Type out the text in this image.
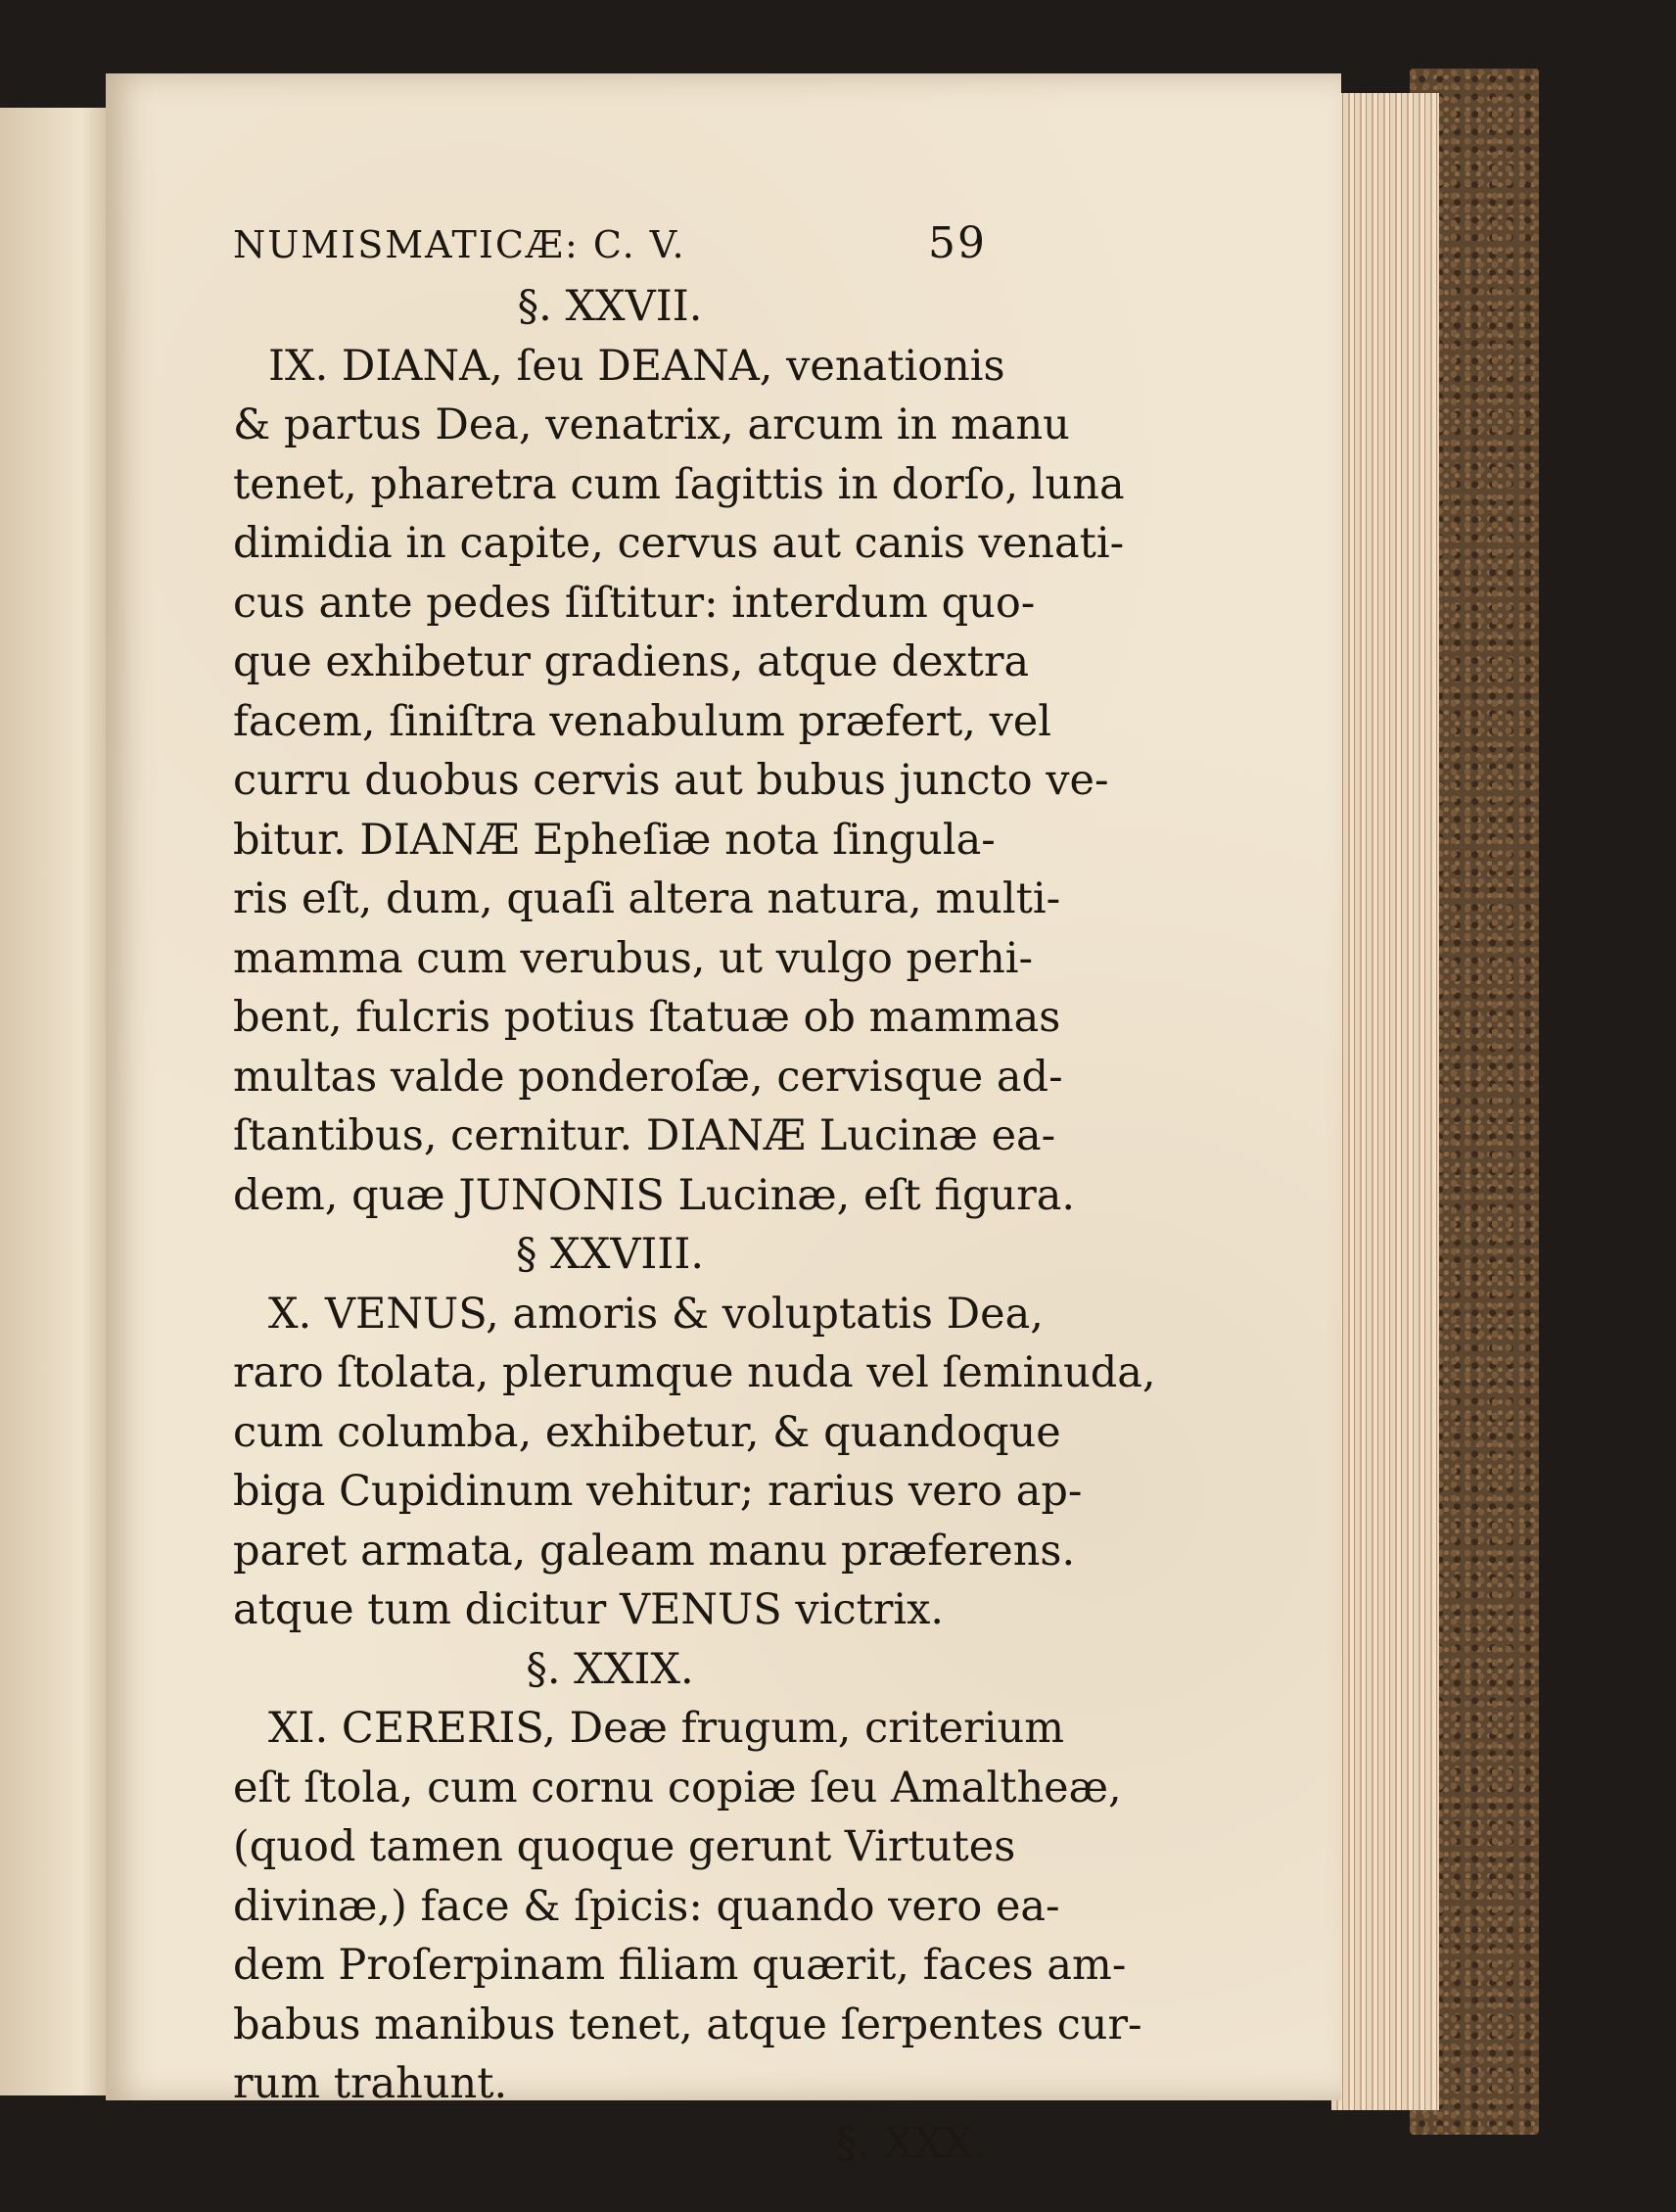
NUMISMATICÆ: C. V.	59
§. XXVII.
IX. DIANA, ſeu DEANA, venationis
& partus Dea, venatrix, arcum in manu
tenet, pharetra cum ſagittis in dorſo, luna
dimidia in capite, cervus aut canis venati-
cus ante pedes ſiſtitur: interdum quo-
que exhibetur gradiens, atque dextra
facem, ſiniſtra venabulum præfert, vel
curru duobus cervis aut bubus juncto ve-
bitur. DIANÆ Epheſiæ nota ſingula-
ris eſt, dum, quaſi altera natura, multi-
mamma cum verubus, ut vulgo perhi-
bent, fulcris potius ſtatuæ ob mammas
multas valde ponderoſæ, cervisque ad-
ſtantibus, cernitur. DIANÆ Lucinæ ea-
dem, quæ JUNONIS Lucinæ, eſt figura.
§ XXVIII.
X. VENUS, amoris & voluptatis Dea,
raro ſtolata, plerumque nuda vel ſeminuda,
cum columba, exhibetur, & quandoque
biga Cupidinum vehitur; rarius vero ap-
paret armata, galeam manu præferens.
atque tum dicitur VENUS victrix.
§. XXIX.
XI. CERERIS, Deæ frugum, criterium
eſt ſtola, cum cornu copiæ ſeu Amaltheæ,
(quod tamen quoque gerunt Virtutes
divinæ,) face & ſpicis: quando vero ea-
dem Proſerpinam filiam quærit, faces am-
babus manibus tenet, atque ſerpentes cur-
rum trahunt.
§. XXX.
